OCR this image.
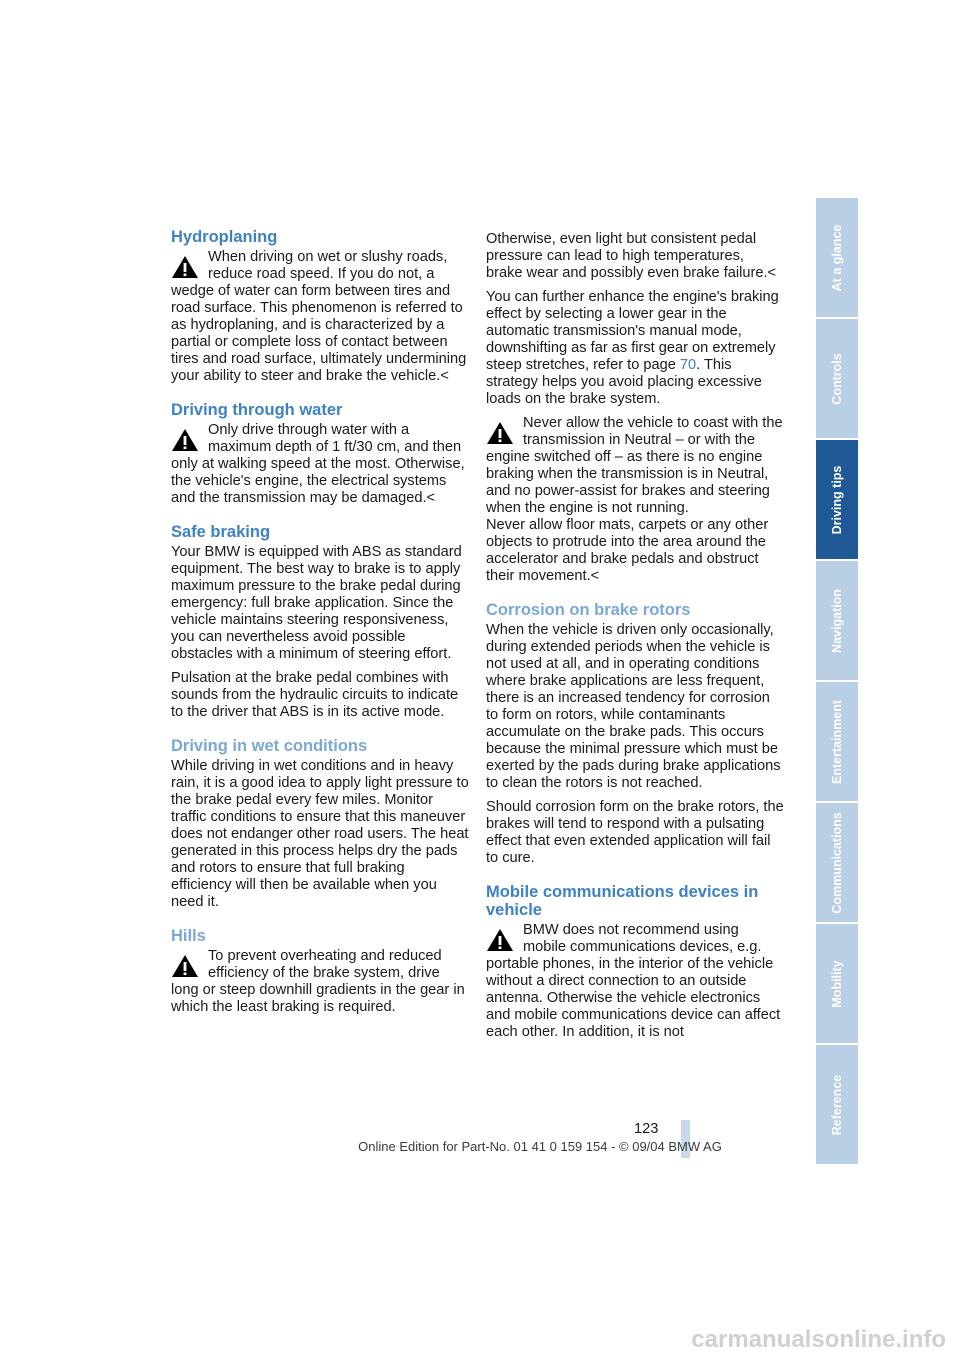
Hydroplaning
When driving on wet or slushy roads, reduce road speed. If you do not, a wedge of water can form between tires and road surface. This phenomenon is referred to as hydroplaning, and is characterized by a partial or complete loss of contact between tires and road surface, ultimately undermining your ability to steer and brake the vehicle.<
Driving through water
Only drive through water with a maximum depth of 1 ft/30 cm, and then only at walking speed at the most. Otherwise, the vehicle's engine, the electrical systems and the transmission may be damaged.<
Safe braking

Your BMW is equipped with ABS as standard equipment. The best way to brake is to apply maximum pressure to the brake pedal during emergency: full brake application. Since the vehicle maintains steering responsiveness, you can nevertheless avoid possible obstacles with a minimum of steering effort.

Pulsation at the brake pedal combines with sounds from the hydraulic circuits to indicate to the driver that ABS is in its active mode.

Driving in wet conditions

While driving in wet conditions and in heavy rain, it is a good idea to apply light pressure to the brake pedal every few miles. Monitor traffic conditions to ensure that this maneuver does not endanger other road users. The heat generated in this process helps dry the pads and rotors to ensure that full braking efficiency will then be available when you need it.

Hills
To prevent overheating and reduced efficiency of the brake system, drive long or steep downhill gradients in the gear in which the least braking is required.

Otherwise, even light but consistent pedal pressure can lead to high temperatures, brake wear and possibly even brake failure.<

You can further enhance the engine's braking effect by selecting a lower gear in the automatic transmission's manual mode, downshifting as far as first gear on extremely steep stretches, refer to page 70. This strategy helps you avoid placing excessive loads on the brake system.

Never allow the vehicle to coast with the transmission in Neutral – or with the engine switched off – as there is no engine braking when the transmission is in Neutral, and no power-assist for brakes and steering when the engine is not running.
Never allow floor mats, carpets or any other objects to protrude into the area around the accelerator and brake pedals and obstruct their movement.<
Corrosion on brake rotors

When the vehicle is driven only occasionally, during extended periods when the vehicle is not used at all, and in operating conditions where brake applications are less frequent, there is an increased tendency for corrosion to form on rotors, while contaminants accumulate on the brake pads. This occurs because the minimal pressure which must be exerted by the pads during brake applications to clean the rotors is not reached.

Should corrosion form on the brake rotors, the brakes will tend to respond with a pulsating effect that even extended application will fail to cure.

Mobile communications devices in vehicle
BMW does not recommend using mobile communications devices, e.g. portable phones, in the interior of the vehicle without a direct connection to an outside antenna. Otherwise the vehicle electronics and mobile communications device can affect each other. In addition, it is not
At a glance
Controls
Driving tips
Navigation
Entertainment
Communications
Mobility
Reference
123
Online Edition for Part-No. 01 41 0 159 154 - © 09/04 BMW AG
carmanualsonline.info
